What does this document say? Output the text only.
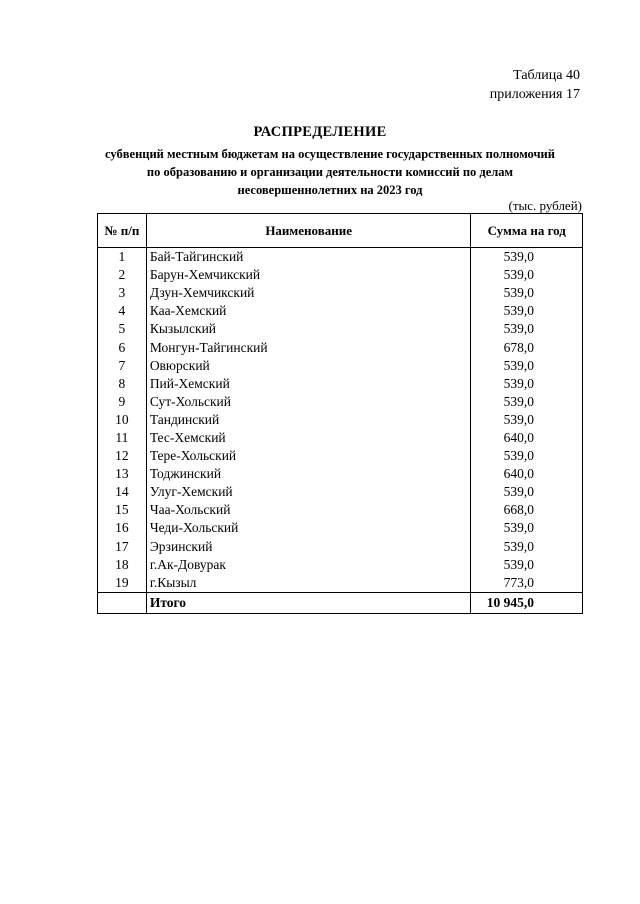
Таблица 40
приложения 17
РАСПРЕДЕЛЕНИЕ
субвенций местным бюджетам на осуществление государственных полномочий
по образованию и организации деятельности комиссий по делам
несовершеннолетних на 2023 год
(тыс. рублей)
№ п/п	Наименование	Сумма на год
1	Бай-Тайгинский	539,0
2	Барун-Хемчикский	539,0
3	Дзун-Хемчикский	539,0
4	Каа-Хемский	539,0
5	Кызылский	539,0
6	Монгун-Тайгинский	678,0
7	Овюрский	539,0
8	Пий-Хемский	539,0
9	Сут-Хольский	539,0
10	Тандинский	539,0
11	Тес-Хемский	640,0
12	Тере-Хольский	539,0
13	Тоджинский	640,0
14	Улуг-Хемский	539,0
15	Чаа-Хольский	668,0
16	Чеди-Хольский	539,0
17	Эрзинский	539,0
18	г.Ак-Довурак	539,0
19	г.Кызыл	773,0
	Итого	10 945,0
